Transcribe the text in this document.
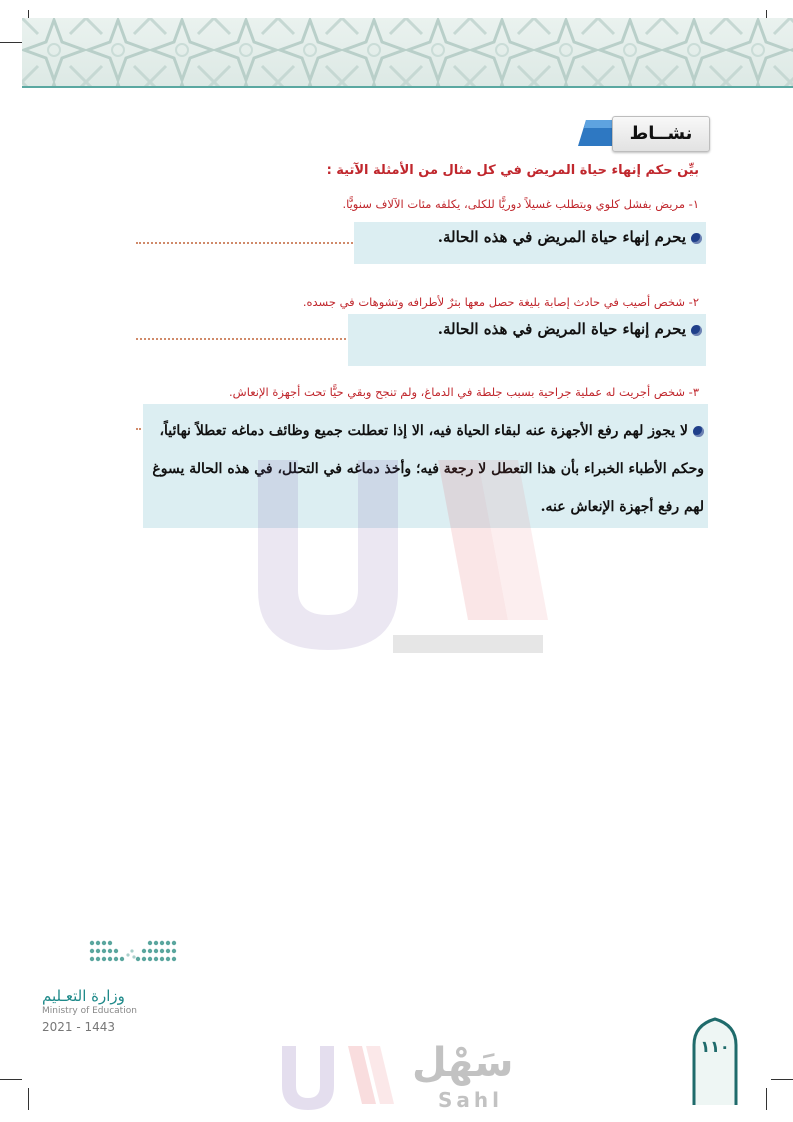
نشــاط
بيِّن حكم إنهاء حياة المريض في كل مثال من الأمثلة الآتية :
١- مريض بفشل كلوي ويتطلب غسيلاً دوريًّا للكلى، يكلفه مئات الآلاف سنويًّا.
يحرم إنهاء حياة المريض في هذه الحالة.
٢- شخص أصيب في حادث إصابة بليغة حصل معها بترٌ لأطرافه وتشوهات في جسده.
يحرم إنهاء حياة المريض في هذه الحالة.
٣- شخص أجريت له عملية جراحية بسبب جلطة في الدماغ، ولم تنجح وبقي حيًّا تحت أجهزة الإنعاش.
لا يجوز لهم رفع الأجهزة عنه لبقاء الحياة فيه، الا إذا تعطلت جميع وظائف دماغه تعطلاً نهائياً،
وحكم الأطباء الخبراء بأن هذا التعطل لا رجعة فيه؛ وأخذ دماغه في التحلل، في هذه الحالة يسوغ
لهم رفع أجهزة الإنعاش عنه.
وزارة التعـليم
Ministry of Education
2021 - 1443
سَهْل
Sahl
١١٠
